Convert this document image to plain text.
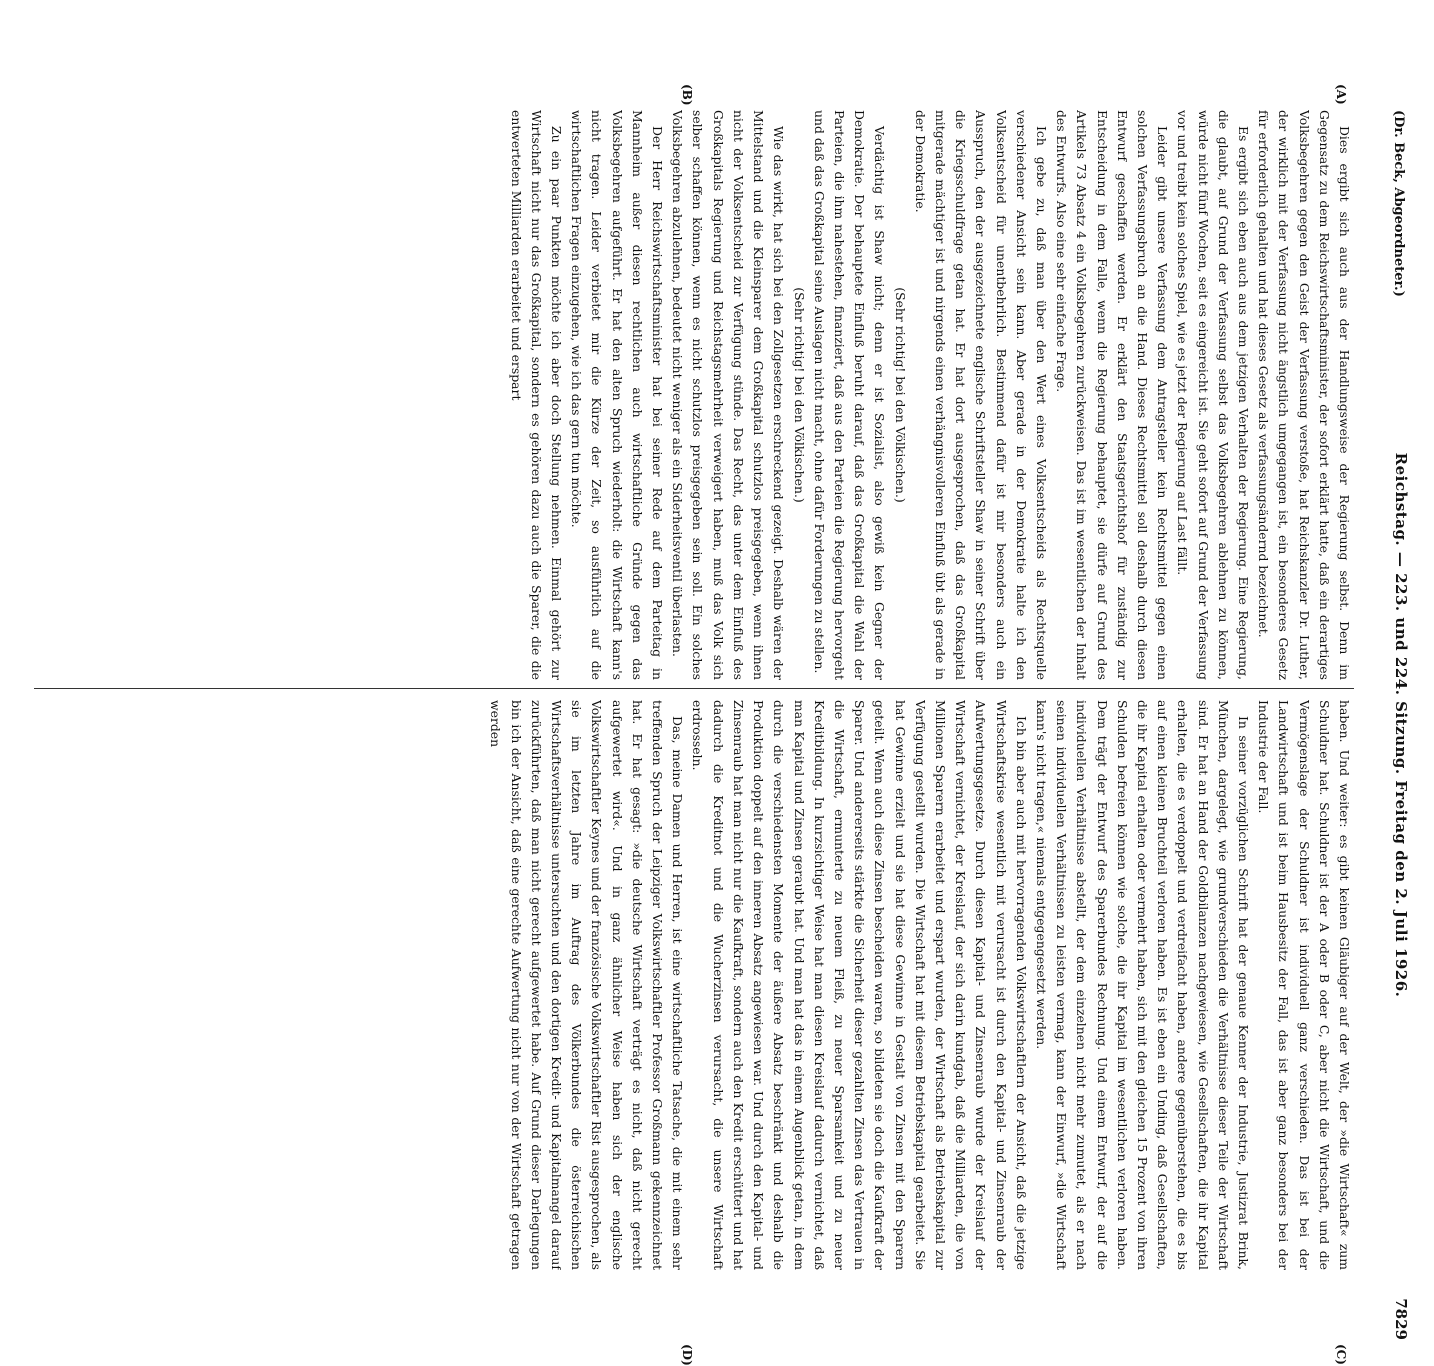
(Dr. Beck, Abgeordneter.)
Reichstag. — 223. und 224. Sitzung. Freitag den 2. Juli 1926.
7829
(A)
(B)
(C)
(D)

Dies ergibt sich auch aus der Handlungsweise der Regierung selbst. Denn im Gegensatz zu dem Reichswirtschaftsminister, der sofort erklärt hatte, daß ein derartiges Volksbegehren gegen den Geist der Verfassung verstoße, hat Reichskanzler Dr. Luther, der wirklich mit der Verfassung nicht ängstlich umgegangen ist, ein besonderes Gesetz für erforderlich gehalten und hat dieses Gesetz als verfassungsändernd bezeichnet.

Es ergibt sich eben auch aus dem jetzigen Verhalten der Regierung. Eine Regierung, die glaubt, auf Grund der Verfassung selbst das Volksbegehren ablehnen zu können, würde nicht fünf Wochen, seit es eingereicht ist. Sie geht sofort auf Grund der Verfassung vor und treibt kein solches Spiel, wie es jetzt der Regierung auf Last fällt.

Leider gibt unsere Verfassung dem Antragsteller kein Rechtsmittel gegen einen solchen Verfassungsbruch an die Hand. Dieses Rechtsmittel soll deshalb durch diesen Entwurf geschaffen werden. Er erklärt den Staatsgerichtshof für zuständig zur Entscheidung in dem Falle, wenn die Regierung behauptet, sie dürfe auf Grund des Artikels 73 Absatz 4 ein Volksbegehren zurückweisen. Das ist im wesentlichen der Inhalt des Entwurfs. Also eine sehr einfache Frage.

Ich gebe zu, daß man über den Wert eines Volksentscheids als Rechtsquelle verschiedener Ansicht sein kann. Aber gerade in der Demokratie halte ich den Volksentscheid für unentbehrlich. Bestimmend dafür ist mir besonders auch ein Ausspruch, den der ausgezeichnete englische Schriftsteller Shaw in seiner Schrift über die Kriegsschuldfrage getan hat. Er hat dort ausgesprochen, daß das Großkapital mitgerade mächtiger ist und nirgends einen verhängnisvolleren Einfluß übt als gerade in der Demokratie.

(Sehr richtig! bei den Völkischen.)

Verdächtig ist Shaw nicht; denn er ist Sozialist, also gewiß kein Gegner der Demokratie. Der behauptete Einfluß beruht darauf, daß das Großkapital die Wahl der Parteien, die ihm nahestehen, finanziert, daß aus den Parteien die Regierung hervorgeht und daß das Großkapital seine Auslagen nicht macht, ohne dafür Forderungen zu stellen.

(Sehr richtig! bei den Völkischen.)

Wie das wirkt, hat sich bei den Zollgesetzen erschreckend gezeigt. Deshalb wären der Mittelstand und die Kleinsparer dem Großkapital schutzlos preisgegeben, wenn ihnen nicht der Volksentscheid zur Verfügung stünde. Das Recht, das unter dem Einfluß des Großkapitals Regierung und Reichstagsmehrheit verweigert haben, muß das Volk sich selber schaffen können, wenn es nicht schutzlos preisgegeben sein soll. Ein solches Volksbegehren abzulehnen, bedeutet nicht weniger als ein Siderheitsventil überlasten.

Der Herr Reichswirtschaftsminister hat bei seiner Rede auf dem Parteitag in Mannheim außer diesen rechtlichen auch wirtschaftliche Gründe gegen das Volksbegehren aufgeführt. Er hat den alten Spruch wiederholt: die Wirtschaft kann's nicht tragen. Leider verbietet mir die Kürze der Zeit, so ausführlich auf die wirtschaftlichen Fragen einzugehen, wie ich das gern tun möchte.

Zu ein paar Punkten möchte ich aber doch Stellung nehmen. Einmal gehört zur Wirtschaft nicht nur das Großkapital, sondern es gehören dazu auch die Sparer, die die entwerteten Milliarden erarbeitet und erspart

haben. Und weiter: es gibt keinen Gläubiger auf der Welt, der »die Wirtschaft« zum Schuldner hat. Schuldner ist der A oder B oder C, aber nicht die Wirtschaft, und die Vermögenslage der Schuldner ist individuell ganz verschieden. Das ist bei der Landwirtschaft und ist beim Hausbesitz der Fall, das ist aber ganz besonders bei der Industrie der Fall.

In seiner vorzüglichen Schrift hat der genaue Kenner der Industrie, Justizrat Brink, München, dargelegt, wie grundverschieden die Verhältnisse dieser Teile der Wirtschaft sind. Er hat an Hand der Goldbilanzen nachgewiesen, wie Gesellschaften, die ihr Kapital erhalten, die es verdoppelt und verdreifacht haben, andere gegenüberstehen, die es bis auf einen kleinen Bruchteil verloren haben. Es ist eben ein Unding, daß Gesellschaften, die ihr Kapital erhalten oder vermehrt haben, sich mit den gleichen 15 Prozent von ihren Schulden befreien können wie solche, die ihr Kapital im wesentlichen verloren haben. Dem trägt der Entwurf des Sparerbundes Rechnung. Und einem Entwurf, der auf die individuellen Verhältnisse abstellt, der dem einzelnen nicht mehr zumutet, als er nach seinen individuellen Verhältnissen zu leisten vermag, kann der Einwurf, »die Wirtschaft kann's nicht tragen,« niemals entgegengesetzt werden.

Ich bin aber auch mit hervorragenden Volkswirtschaftlern der Ansicht, daß die jetzige Wirtschaftskrise wesentlich mit verursacht ist durch den Kapital- und Zinsenraub der Aufwertungsgesetze. Durch diesen Kapital- und Zinsenraub wurde der Kreislauf der Wirtschaft vernichtet, der Kreislauf, der sich darin kundgab, daß die Milliarden, die von Millionen Sparern erarbeitet und erspart wurden, der Wirtschaft als Betriebskapital zur Verfügung gestellt wurden. Die Wirtschaft hat mit diesem Betriebskapital gearbeitet. Sie hat Gewinne erzielt und sie hat diese Gewinne in Gestalt von Zinsen mit den Sparern geteilt. Wenn auch diese Zinsen bescheiden waren, so bildeten sie doch die Kaufkraft der Sparer. Und andererseits stärkte die Sicherheit dieser gezahlten Zinsen das Vertrauen in die Wirtschaft, ermunterte zu neuem Fleiß, zu neuer Sparsamkeit und zu neuer Kreditbildung. In kurzsichtiger Weise hat man diesen Kreislauf dadurch vernichtet, daß man Kapital und Zinsen geraubt hat. Und man hat das in einem Augenblick getan, in dem durch die verschiedensten Momente der äußere Absatz beschränkt und deshalb die Produktion doppelt auf den inneren Absatz angewiesen war. Und durch den Kapital- und Zinsenraub hat man nicht nur die Kaufkraft, sondern auch den Kredit erschüttert und hat dadurch die Kreditnot und die Wucherzinsen verursacht, die unsere Wirtschaft erdrosseln.

Das, meine Damen und Herren, ist eine wirtschaftliche Tatsache, die mit einem sehr treffenden Spruch der Leipziger Volkswirtschaftler Professor Großmann gekennzeichnet hat. Er hat gesagt: »die deutsche Wirtschaft verträgt es nicht, daß nicht gerecht aufgewertet wird«. Und in ganz ähnlicher Weise haben sich der englische Volkswirtschaftler Keynes und der französische Volkswirtschaftler Rist ausgesprochen, als sie im letzten Jahre im Auftrag des Völkerbundes die österreichischen Wirtschaftsverhältnisse untersuchten und den dortigen Kredit- und Kapitalmangel darauf zurückführten, daß man nicht gerecht aufgewertet habe. Auf Grund dieser Darlegungen bin ich der Ansicht, daß eine gerechte Aufwertung nicht nur von der Wirtschaft getragen werden
